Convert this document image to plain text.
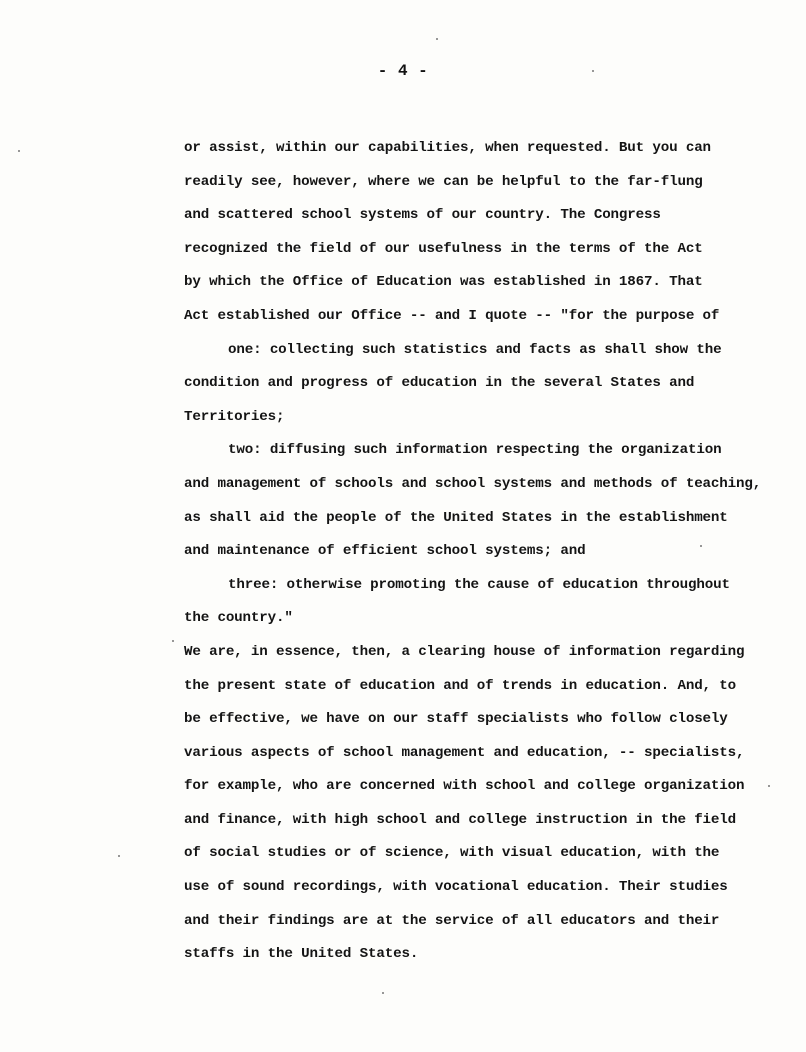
- 4 -
or assist, within our capabilities, when requested. But you can
readily see, however, where we can be helpful to the far-flung
and scattered school systems of our country. The Congress
recognized the field of our usefulness in the terms of the Act
by which the Office of Education was established in 1867. That
Act established our Office -- and I quote -- "for the purpose of
one: collecting such statistics and facts as shall show the
condition and progress of education in the several States and
Territories;
two: diffusing such information respecting the organization
and management of schools and school systems and methods of teaching,
as shall aid the people of the United States in the establishment
and maintenance of efficient school systems; and
three: otherwise promoting the cause of education throughout
the country."
We are, in essence, then, a clearing house of information regarding
the present state of education and of trends in education. And, to
be effective, we have on our staff specialists who follow closely
various aspects of school management and education, -- specialists,
for example, who are concerned with school and college organization
and finance, with high school and college instruction in the field
of social studies or of science, with visual education, with the
use of sound recordings, with vocational education. Their studies
and their findings are at the service of all educators and their
staffs in the United States.
